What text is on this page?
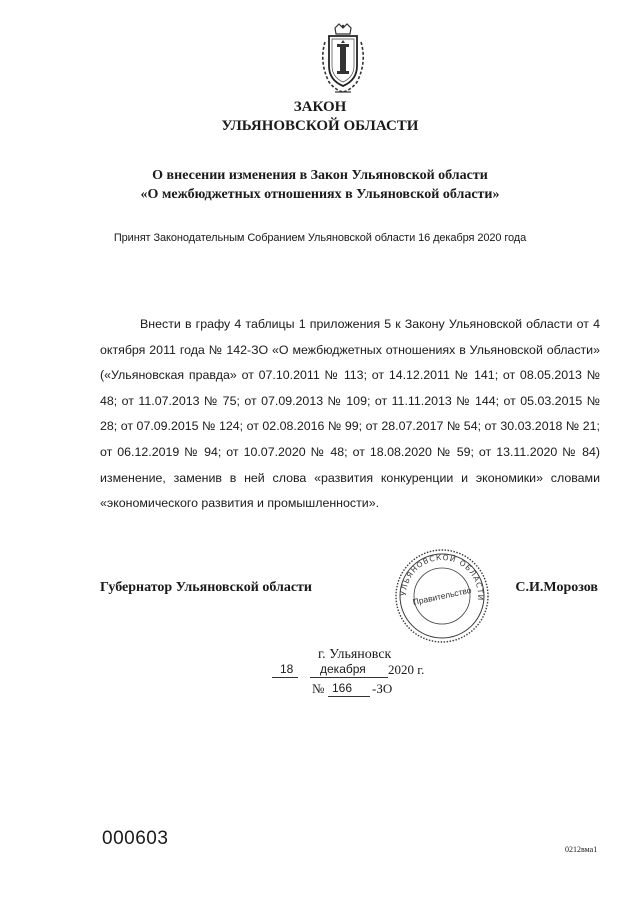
ЗАКОН
УЛЬЯНОВСКОЙ ОБЛАСТИ
О внесении изменения в Закон Ульяновской области
«О межбюджетных отношениях в Ульяновской области»
Принят Законодательным Собранием Ульяновской области 16 декабря 2020 года
Внести в графу 4 таблицы 1 приложения 5 к Закону Ульяновской области от 4 октября 2011 года № 142-ЗО «О межбюджетных отношениях в Ульяновской области» («Ульяновская правда» от 07.10.2011 № 113; от 14.12.2011 № 141; от 08.05.2013 № 48; от 11.07.2013 № 75; от 07.09.2013 № 109; от 11.11.2013 № 144; от 05.03.2015 № 28; от 07.09.2015 № 124; от 02.08.2016 № 99; от 28.07.2017 № 54; от 30.03.2018 № 21; от 06.12.2019 № 94; от 10.07.2020 № 48; от 18.08.2020 № 59; от 13.11.2020 № 84) изменение, заменив в ней слова «развития конкуренции и экономики» словами «экономического развития и промышленности».
Губернатор Ульяновской области	С.И.Морозов
УЛЬЯНОВСКОЙ ОБЛАСТИ
Правительство
г. Ульяновск
18 декабря 2020 г.
№ 166 -ЗО
000603
0212вма1
